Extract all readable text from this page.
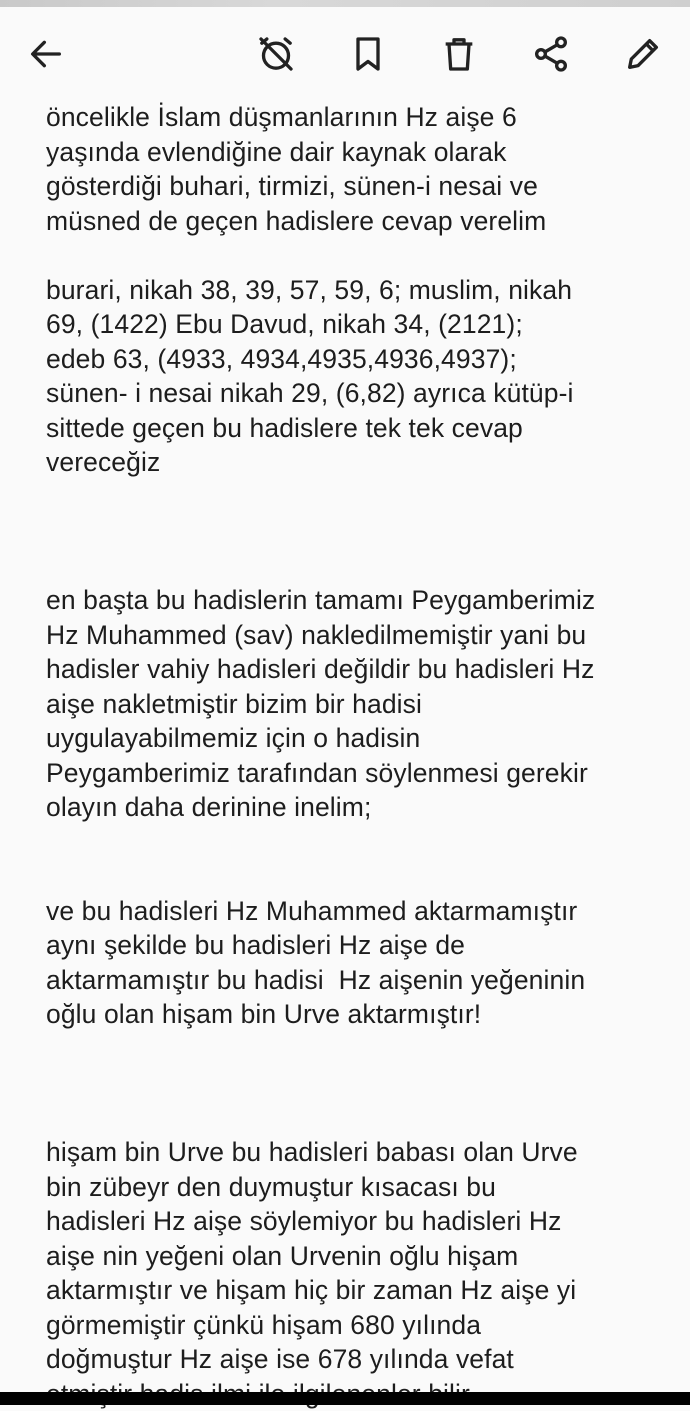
öncelikle İslam düşmanlarının Hz aişe 6
yaşında evlendiğine dair kaynak olarak
gösterdiği buhari, tirmizi, sünen-i nesai ve
müsned de geçen hadislere cevap verelim

burari, nikah 38, 39, 57, 59, 6; muslim, nikah
69, (1422) Ebu Davud, nikah 34, (2121);
edeb 63, (4933, 4934,4935,4936,4937);
sünen- i nesai nikah 29, (6,82) ayrıca kütüp-i
sittede geçen bu hadislere tek tek cevap
vereceğiz

en başta bu hadislerin tamamı Peygamberimiz
Hz Muhammed (sav) nakledilmemiştir yani bu
hadisler vahiy hadisleri değildir bu hadisleri Hz
aişe nakletmiştir bizim bir hadisi
uygulayabilmemiz için o hadisin
Peygamberimiz tarafından söylenmesi gerekir
olayın daha derinine inelim;

ve bu hadisleri Hz Muhammed aktarmamıştır
aynı şekilde bu hadisleri Hz aişe de
aktarmamıştır bu hadisi  Hz aişenin yeğeninin
oğlu olan hişam bin Urve aktarmıştır!

hişam bin Urve bu hadisleri babası olan Urve
bin zübeyr den duymuştur kısacası bu
hadisleri Hz aişe söylemiyor bu hadisleri Hz
aişe nin yeğeni olan Urvenin oğlu hişam
aktarmıştır ve hişam hiç bir zaman Hz aişe yi
görmemiştir çünkü hişam 680 yılında
doğmuştur Hz aişe ise 678 yılında vefat
